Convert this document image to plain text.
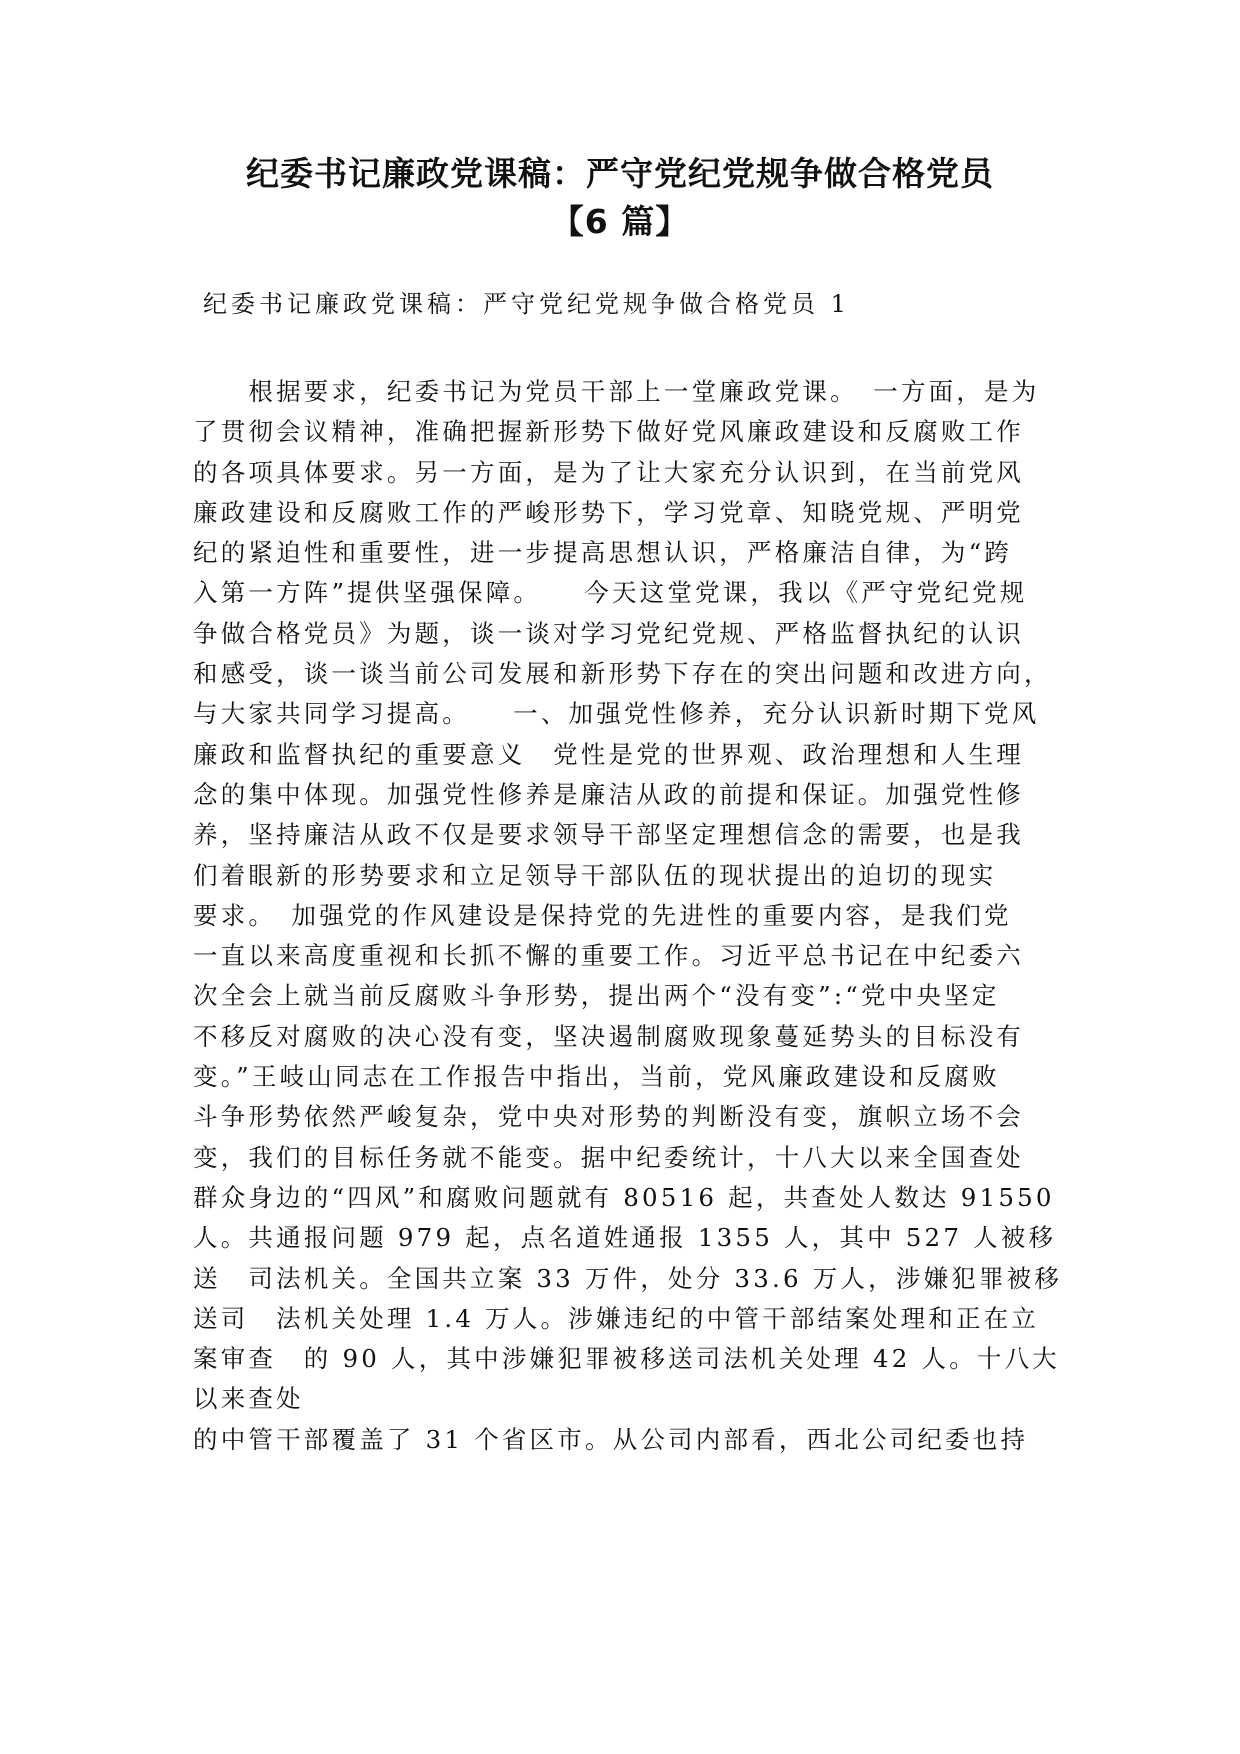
纪委书记廉政党课稿：严守党纪党规争做合格党员
【6 篇】
纪委书记廉政党课稿：严守党纪党规争做合格党员 1
　　根据要求，纪委书记为党员干部上一堂廉政党课。　一方面，是为
了贯彻会议精神，准确把握新形势下做好党风廉政建设和反腐败工作
的各项具体要求。另一方面，是为了让大家充分认识到，在当前党风
廉政建设和反腐败工作的严峻形势下，学习党章、知晓党规、严明党
纪的紧迫性和重要性，进一步提高思想认识，严格廉洁自律，为“跨
入第一方阵”提供坚强保障。　　今天这堂党课，我以《严守党纪党规
争做合格党员》为题，谈一谈对学习党纪党规、严格监督执纪的认识
和感受，谈一谈当前公司发展和新形势下存在的突出问题和改进方向，
与大家共同学习提高。　　一、加强党性修养，充分认识新时期下党风
廉政和监督执纪的重要意义　党性是党的世界观、政治理想和人生理
念的集中体现。加强党性修养是廉洁从政的前提和保证。加强党性修
养，坚持廉洁从政不仅是要求领导干部坚定理想信念的需要，也是我
们着眼新的形势要求和立足领导干部队伍的现状提出的迫切的现实
要求。　加强党的作风建设是保持党的先进性的重要内容，是我们党
一直以来高度重视和长抓不懈的重要工作。习近平总书记在中纪委六
次全会上就当前反腐败斗争形势，提出两个“没有变”:“党中央坚定
不移反对腐败的决心没有变，坚决遏制腐败现象蔓延势头的目标没有
变。”王岐山同志在工作报告中指出，当前，党风廉政建设和反腐败
斗争形势依然严峻复杂，党中央对形势的判断没有变，旗帜立场不会
变，我们的目标任务就不能变。据中纪委统计，十八大以来全国查处
群众身边的“四风”和腐败问题就有 80516 起，共查处人数达 91550
人。共通报问题 979 起，点名道姓通报 1355 人，其中 527 人被移
送　司法机关。全国共立案 33 万件，处分 33.6 万人，涉嫌犯罪被移
送司　法机关处理 1.4 万人。涉嫌违纪的中管干部结案处理和正在立
案审查　的 90 人，其中涉嫌犯罪被移送司法机关处理 42 人。十八大
以来查处
的中管干部覆盖了 31 个省区市。从公司内部看，西北公司纪委也持
